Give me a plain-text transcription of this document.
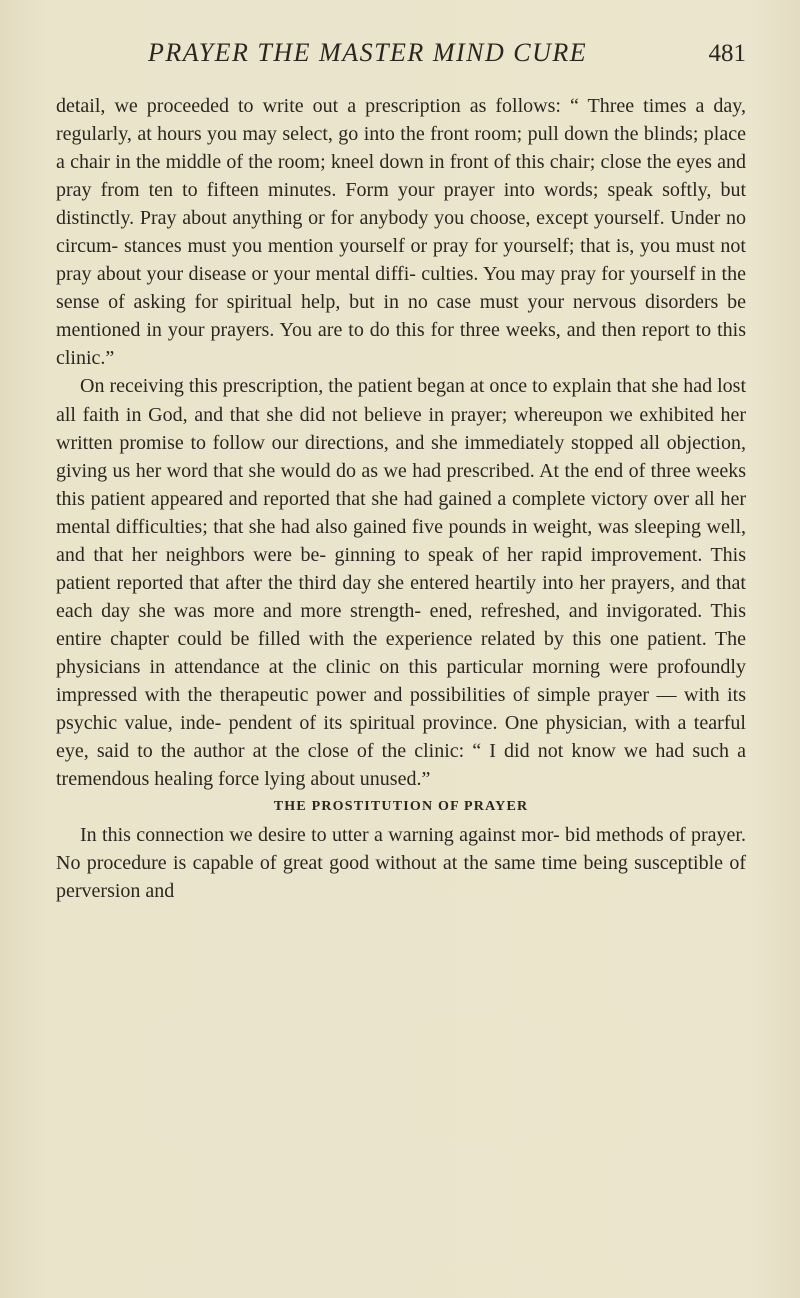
PRAYER THE MASTER MIND CURE	481

detail, we proceeded to write out a prescription as follows: “ Three times a day, regularly, at hours you may select, go into the front room; pull down the blinds; place a chair in the middle of the room; kneel down in front of this chair; close the eyes and pray from ten to fifteen minutes. Form your prayer into words; speak softly, but distinctly. Pray about anything or for anybody you choose, except yourself. Under no circum- stances must you mention yourself or pray for yourself; that is, you must not pray about your disease or your mental diffi- culties. You may pray for yourself in the sense of asking for spiritual help, but in no case must your nervous disorders be mentioned in your prayers. You are to do this for three weeks, and then report to this clinic.”

On receiving this prescription, the patient began at once to explain that she had lost all faith in God, and that she did not believe in prayer; whereupon we exhibited her written promise to follow our directions, and she immediately stopped all objection, giving us her word that she would do as we had prescribed. At the end of three weeks this patient appeared and reported that she had gained a complete victory over all her mental difficulties; that she had also gained five pounds in weight, was sleeping well, and that her neighbors were be- ginning to speak of her rapid improvement. This patient reported that after the third day she entered heartily into her prayers, and that each day she was more and more strength- ened, refreshed, and invigorated. This entire chapter could be filled with the experience related by this one patient. The physicians in attendance at the clinic on this particular morning were profoundly impressed with the therapeutic power and possibilities of simple prayer — with its psychic value, inde- pendent of its spiritual province. One physician, with a tearful eye, said to the author at the close of the clinic: “ I did not know we had such a tremendous healing force lying about unused.”

THE PROSTITUTION OF PRAYER

In this connection we desire to utter a warning against mor- bid methods of prayer. No procedure is capable of great good without at the same time being susceptible of perversion and
